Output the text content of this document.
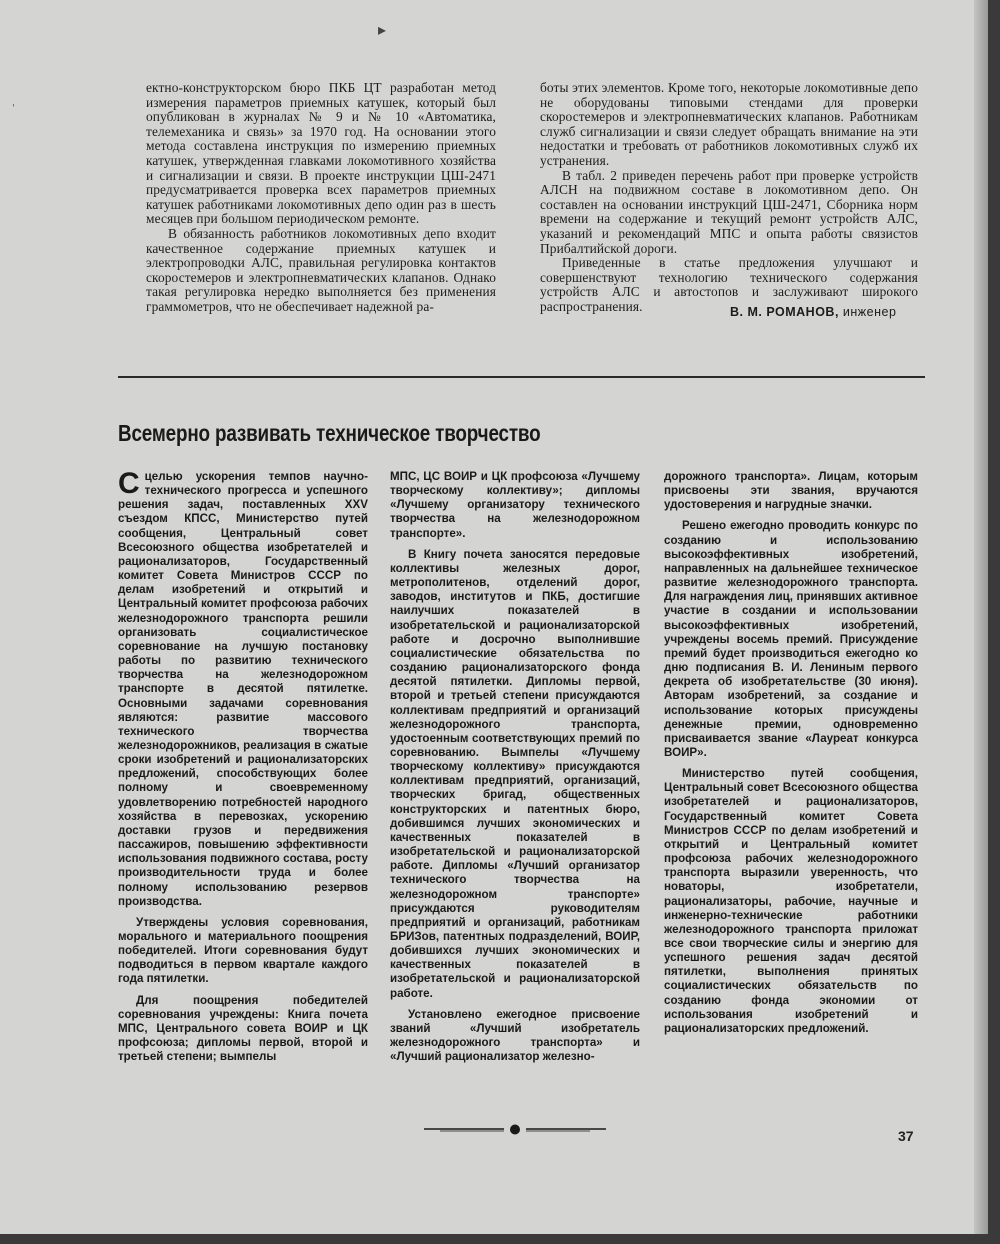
▸
ˌ

ектно-конструкторском бюро ПКБ ЦТ разработан метод измерения параметров приемных катушек, который был опубликован в журналах № 9 и № 10 «Автоматика, телемеханика и связь» за 1970 год. На основании этого метода составлена инструкция по измерению приемных катушек, утвержденная главками локомотивного хозяйства и сигнализации и связи. В проекте инструкции ЦШ-2471 предусматривается проверка всех параметров приемных катушек работниками локомотивных депо один раз в шесть месяцев при большом периодическом ремонте.

В обязанность работников локомотивных депо входит качественное содержание приемных катушек и электропроводки АЛС, правильная регулировка контактов скоростемеров и электропневматических клапанов. Однако такая регулировка нередко выполняется без применения граммометров, что не обеспечивает надежной ра-

боты этих элементов. Кроме того, некоторые локомотивные депо не оборудованы типовыми стендами для проверки скоростемеров и электропневматических клапанов. Работникам служб сигнализации и связи следует обращать внимание на эти недостатки и требовать от работников локомотивных служб их устранения.

В табл. 2 приведен перечень работ при проверке устройств АЛСН на подвижном составе в локомотивном депо. Он составлен на основании инструкций ЦШ-2471, Сборника норм времени на содержание и текущий ремонт устройств АЛС, указаний и рекомендаций МПС и опыта работы связистов Прибалтийской дороги.

Приведенные в статье предложения улучшают и совершенствуют технологию технического содержания устройств АЛС и автостопов и заслуживают широкого распространения.	В. М. РОМАНОВ, инженер
Всемерно развивать техническое творчество

Сцелью ускорения темпов научно-технического прогресса и успешного решения задач, поставленных XXV съездом КПСС, Министерство путей сообщения, Центральный совет Всесоюзного общества изобретателей и рационализаторов, Государственный комитет Совета Министров СССР по делам изобретений и открытий и Центральный комитет профсоюза рабочих железнодорожного транспорта решили организовать социалистическое соревнование на лучшую постановку работы по развитию технического творчества на железнодорожном транспорте в десятой пятилетке. Основными задачами соревнования являются: развитие массового технического творчества железнодорожников, реализация в сжатые сроки изобретений и рационализаторских предложений, способствующих более полному и своевременному удовлетворению потребностей народного хозяйства в перевозках, ускорению доставки грузов и передвижения пассажиров, повышению эффективности использования подвижного состава, росту производительности труда и более полному использованию резервов производства.

Утверждены условия соревнования, морального и материального поощрения победителей. Итоги соревнования будут подводиться в первом квартале каждого года пятилетки.

Для поощрения победителей соревнования учреждены: Книга почета МПС, Центрального совета ВОИР и ЦК профсоюза; дипломы первой, второй и третьей степени; вымпелы

МПС, ЦС ВОИР и ЦК профсоюза «Лучшему творческому коллективу»; дипломы «Лучшему организатору технического творчества на железнодорожном транспорте».

В Книгу почета заносятся передовые коллективы железных дорог, метрополитенов, отделений дорог, заводов, институтов и ПКБ, достигшие наилучших показателей в изобретательской и рационализаторской работе и досрочно выполнившие социалистические обязательства по созданию рационализаторского фонда десятой пятилетки. Дипломы первой, второй и третьей степени присуждаются коллективам предприятий и организаций железнодорожного транспорта, удостоенным соответствующих премий по соревнованию. Вымпелы «Лучшему творческому коллективу» присуждаются коллективам предприятий, организаций, творческих бригад, общественных конструкторских и патентных бюро, добившимся лучших экономических и качественных показателей в изобретательской и рационализаторской работе. Дипломы «Лучший организатор технического творчества на железнодорожном транспорте» присуждаются руководителям предприятий и организаций, работникам БРИЗов, патентных подразделений, ВОИР, добившихся лучших экономических и качественных показателей в изобретательской и рационализаторской работе.

Установлено ежегодное присвоение званий «Лучший изобретатель железнодорожного транспорта» и «Лучший рационализатор железно-

дорожного транспорта». Лицам, которым присвоены эти звания, вручаются удостоверения и нагрудные значки.

Решено ежегодно проводить конкурс по созданию и использованию высокоэффективных изобретений, направленных на дальнейшее техническое развитие железнодорожного транспорта. Для награждения лиц, принявших активное участие в создании и использовании высокоэффективных изобретений, учреждены восемь премий. Присуждение премий будет производиться ежегодно ко дню подписания В. И. Лениным первого декрета об изобретательстве (30 июня). Авторам изобретений, за создание и использование которых присуждены денежные премии, одновременно присваивается звание «Лауреат конкурса ВОИР».

Министерство путей сообщения, Центральный совет Всесоюзного общества изобретателей и рационализаторов, Государственный комитет Совета Министров СССР по делам изобретений и открытий и Центральный комитет профсоюза рабочих железнодорожного транспорта выразили уверенность, что новаторы, изобретатели, рационализаторы, рабочие, научные и инженерно-технические работники железнодорожного транспорта приложат все свои творческие силы и энергию для успешного решения задач десятой пятилетки, выполнения принятых социалистических обязательств по созданию фонда экономии от использования изобретений и рационализаторских предложений.

37
